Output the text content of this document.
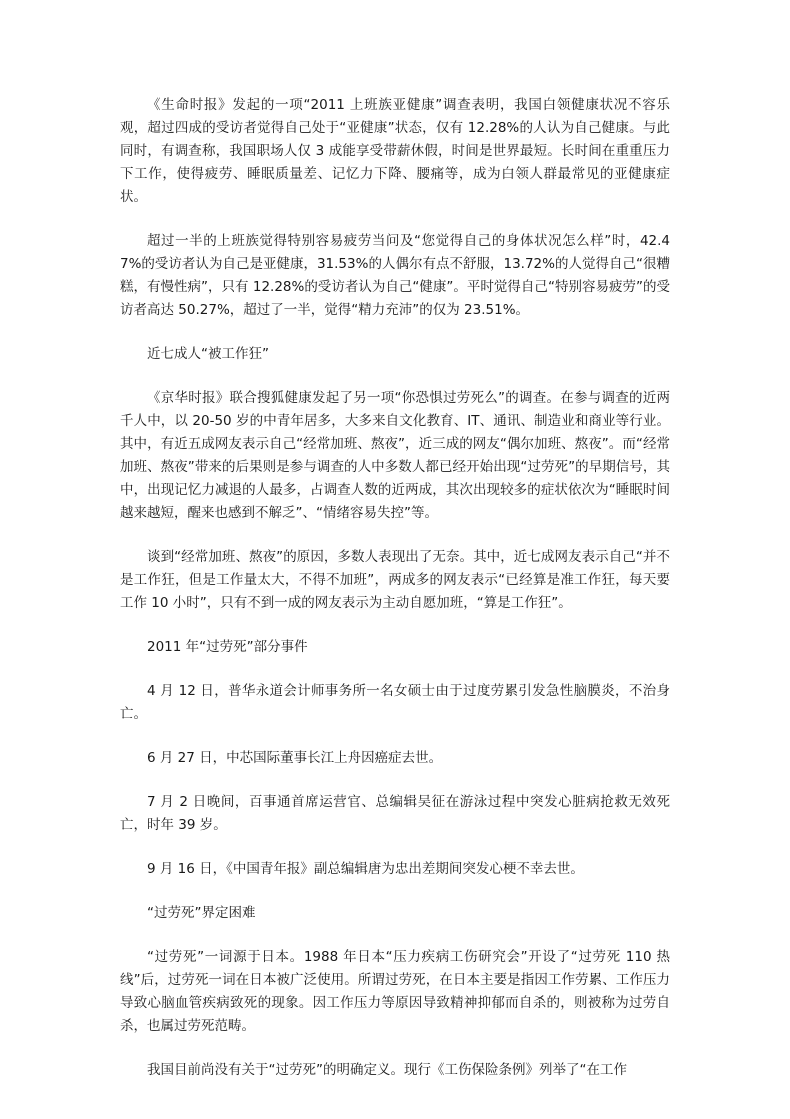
《生命时报》发起的一项“2011 上班族亚健康”调查表明，我国白领健康状况不容乐观，超过四成的受访者觉得自己处于“亚健康”状态，仅有 12.28%的人认为自己健康。与此同时，有调查称，我国职场人仅 3 成能享受带薪休假，时间是世界最短。长时间在重重压力下工作，使得疲劳、睡眠质量差、记忆力下降、腰痛等，成为白领人群最常见的亚健康症状。

超过一半的上班族觉得特别容易疲劳当问及“您觉得自己的身体状况怎么样”时，42.47%的受访者认为自己是亚健康，31.53%的人偶尔有点不舒服，13.72%的人觉得自己“很糟糕，有慢性病”，只有 12.28%的受访者认为自己“健康”。平时觉得自己“特别容易疲劳”的受访者高达 50.27%，超过了一半，觉得“精力充沛”的仅为 23.51%。

近七成人“被工作狂”

《京华时报》联合搜狐健康发起了另一项“你恐惧过劳死么”的调查。在参与调查的近两千人中，以 20-50 岁的中青年居多，大多来自文化教育、IT、通讯、制造业和商业等行业。其中，有近五成网友表示自己“经常加班、熬夜”，近三成的网友“偶尔加班、熬夜”。而“经常加班、熬夜”带来的后果则是参与调查的人中多数人都已经开始出现“过劳死”的早期信号，其中，出现记忆力减退的人最多，占调查人数的近两成，其次出现较多的症状依次为“睡眠时间越来越短，醒来也感到不解乏”、“情绪容易失控”等。

谈到“经常加班、熬夜”的原因，多数人表现出了无奈。其中，近七成网友表示自己“并不是工作狂，但是工作量太大，不得不加班”，两成多的网友表示“已经算是准工作狂，每天要工作 10 小时”，只有不到一成的网友表示为主动自愿加班，“算是工作狂”。

2011 年“过劳死”部分事件

4 月 12 日，普华永道会计师事务所一名女硕士由于过度劳累引发急性脑膜炎，不治身亡。

6 月 27 日，中芯国际董事长江上舟因癌症去世。

7 月 2 日晚间，百事通首席运营官、总编辑吴征在游泳过程中突发心脏病抢救无效死亡，时年 39 岁。

9 月 16 日，《中国青年报》副总编辑唐为忠出差期间突发心梗不幸去世。

“过劳死”界定困难

“过劳死”一词源于日本。1988 年日本“压力疾病工伤研究会”开设了“过劳死 110 热线”后，过劳死一词在日本被广泛使用。所谓过劳死，在日本主要是指因工作劳累、工作压力导致心脑血管疾病致死的现象。因工作压力等原因导致精神抑郁而自杀的，则被称为过劳自杀，也属过劳死范畴。

我国目前尚没有关于“过劳死”的明确定义。现行《工伤保险条例》列举了“在工作
